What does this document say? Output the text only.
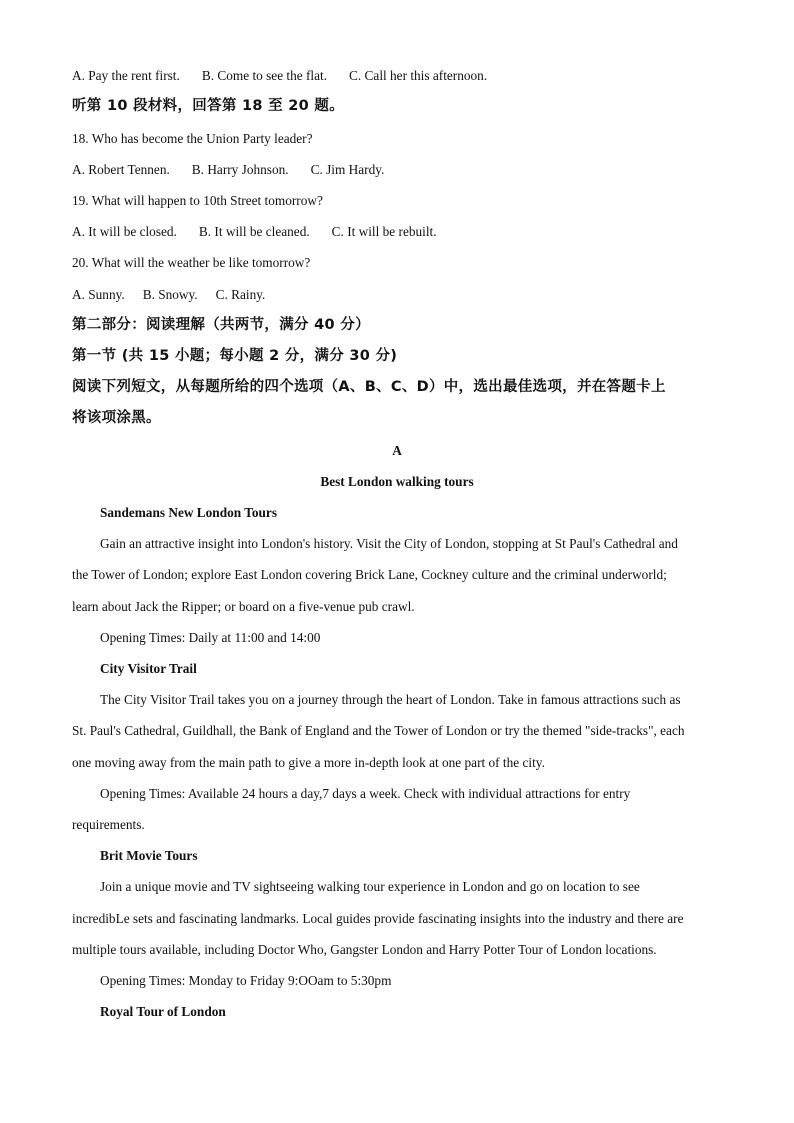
A. Pay the rent first. B. Come to see the flat. C. Call her this afternoon.
听第 10 段材料，回答第 18 至 20 题。
18. Who has become the Union Party leader?
A. Robert Tennen. B. Harry Johnson. C. Jim Hardy.
19. What will happen to 10th Street tomorrow?
A. It will be closed. B. It will be cleaned. C. It will be rebuilt.
20. What will the weather be like tomorrow?
A. Sunny. B. Snowy. C. Rainy.
第二部分：阅读理解（共两节，满分 40 分）
第一节 (共 15 小题；每小题 2 分，满分 30 分)
阅读下列短文，从每题所给的四个选项（A、B、C、D）中，选出最佳选项，并在答题卡上
将该项涂黑。
A
Best London walking tours
Sandemans New London Tours
Gain an attractive insight into London's history. Visit the City of London, stopping at St Paul's Cathedral and
the Tower of London; explore East London covering Brick Lane, Cockney culture and the criminal underworld;
learn about Jack the Ripper; or board on a five-venue pub crawl.
Opening Times: Daily at 11:00 and 14:00
City Visitor Trail
The City Visitor Trail takes you on a journey through the heart of London. Take in famous attractions such as
St. Paul's Cathedral, Guildhall, the Bank of England and the Tower of London or try the themed "side-tracks", each
one moving away from the main path to give a more in-depth look at one part of the city.
Opening Times: Available 24 hours a day,7 days a week. Check with individual attractions for entry
requirements.
Brit Movie Tours
Join a unique movie and TV sightseeing walking tour experience in London and go on location to see
incredibLe sets and fascinating landmarks. Local guides provide fascinating insights into the industry and there are
multiple tours available, including Doctor Who, Gangster London and Harry Potter Tour of London locations.
Opening Times: Monday to Friday 9:OOam to 5:30pm
Royal Tour of London
